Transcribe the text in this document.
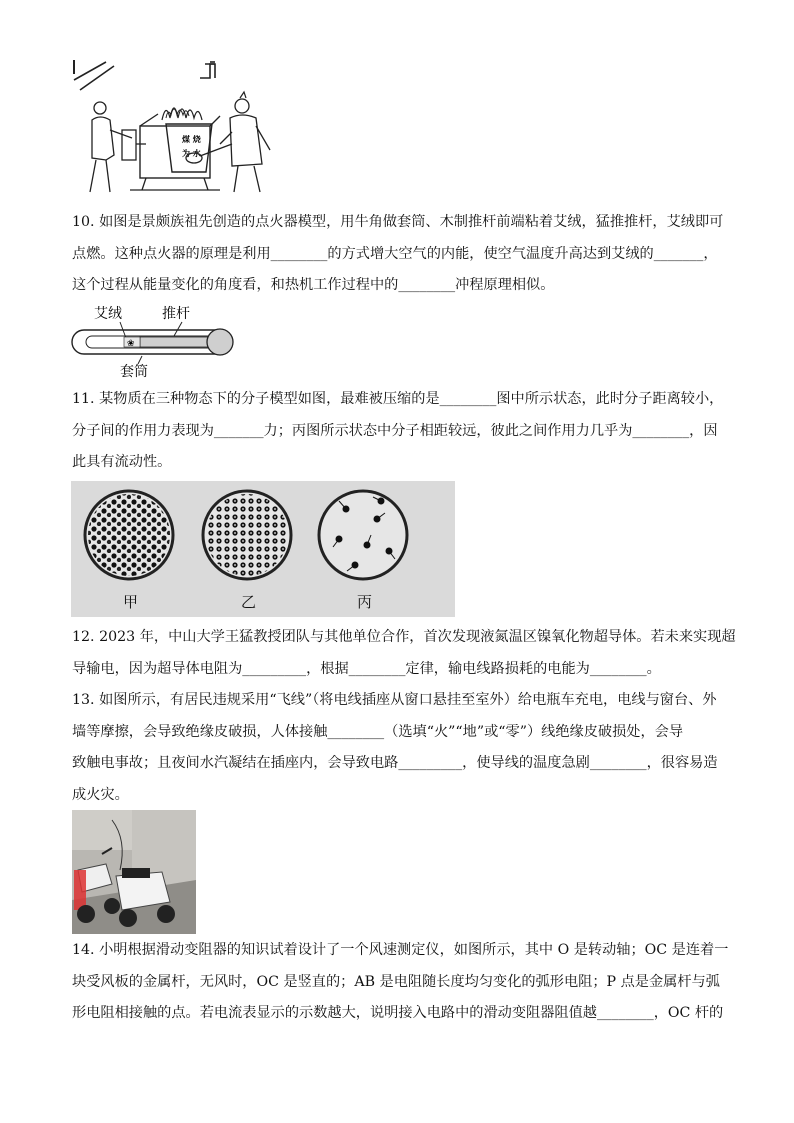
煤 烧
为 水
10. 如图是景颇族祖先创造的点火器模型，用牛角做套筒、木制推杆前端粘着艾绒，猛推推杆，艾绒即可
点燃。这种点火器的原理是利用________的方式增大空气的内能，使空气温度升高达到艾绒的_______，
这个过程从能量变化的角度看，和热机工作过程中的________冲程原理相似。
艾绒	推杆
❀
套筒
11. 某物质在三种物态下的分子模型如图，最难被压缩的是________图中所示状态，此时分子距离较小，
分子间的作用力表现为_______力；丙图所示状态中分子相距较远，彼此之间作用力几乎为________，因
此具有流动性。
甲	乙	丙
12. 2023 年，中山大学王猛教授团队与其他单位合作，首次发现液氮温区镍氧化物超导体。若未来实现超
导输电，因为超导体电阻为_________，根据________定律，输电线路损耗的电能为________。
13. 如图所示，有居民违规采用“飞线”（将电线插座从窗口悬挂至室外）给电瓶车充电，电线与窗台、外
墙等摩擦，会导致绝缘皮破损，人体接触________（选填“火”“地”或“零”）线绝缘皮破损处，会导
致触电事故；且夜间水汽凝结在插座内，会导致电路_________，使导线的温度急剧________，很容易造
成火灾。
14. 小明根据滑动变阻器的知识试着设计了一个风速测定仪，如图所示，其中 O 是转动轴；OC 是连着一
块受风板的金属杆，无风时，OC 是竖直的；AB 是电阻随长度均匀变化的弧形电阻；P 点是金属杆与弧
形电阻相接触的点。若电流表显示的示数越大，说明接入电路中的滑动变阻器阻值越________，OC 杆的
